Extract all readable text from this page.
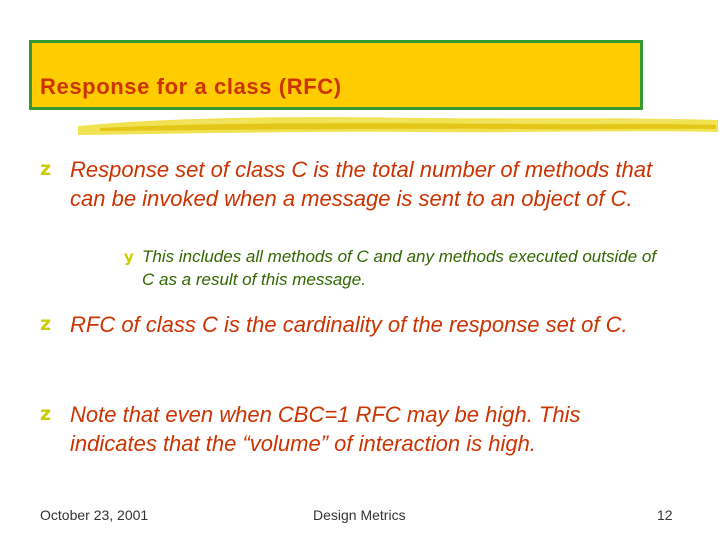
Response for a class (RFC)
z Response set of class C is the total number of methods that can be invoked when a message is sent to an object of C.
y This includes all methods of C and any methods executed outside of C as a result of this message.
z RFC of class C is the cardinality of the response set of C.
z Note that even when CBC=1 RFC may be high. This indicates that the “volume” of interaction is high.
October 23, 2001	Design Metrics	12
